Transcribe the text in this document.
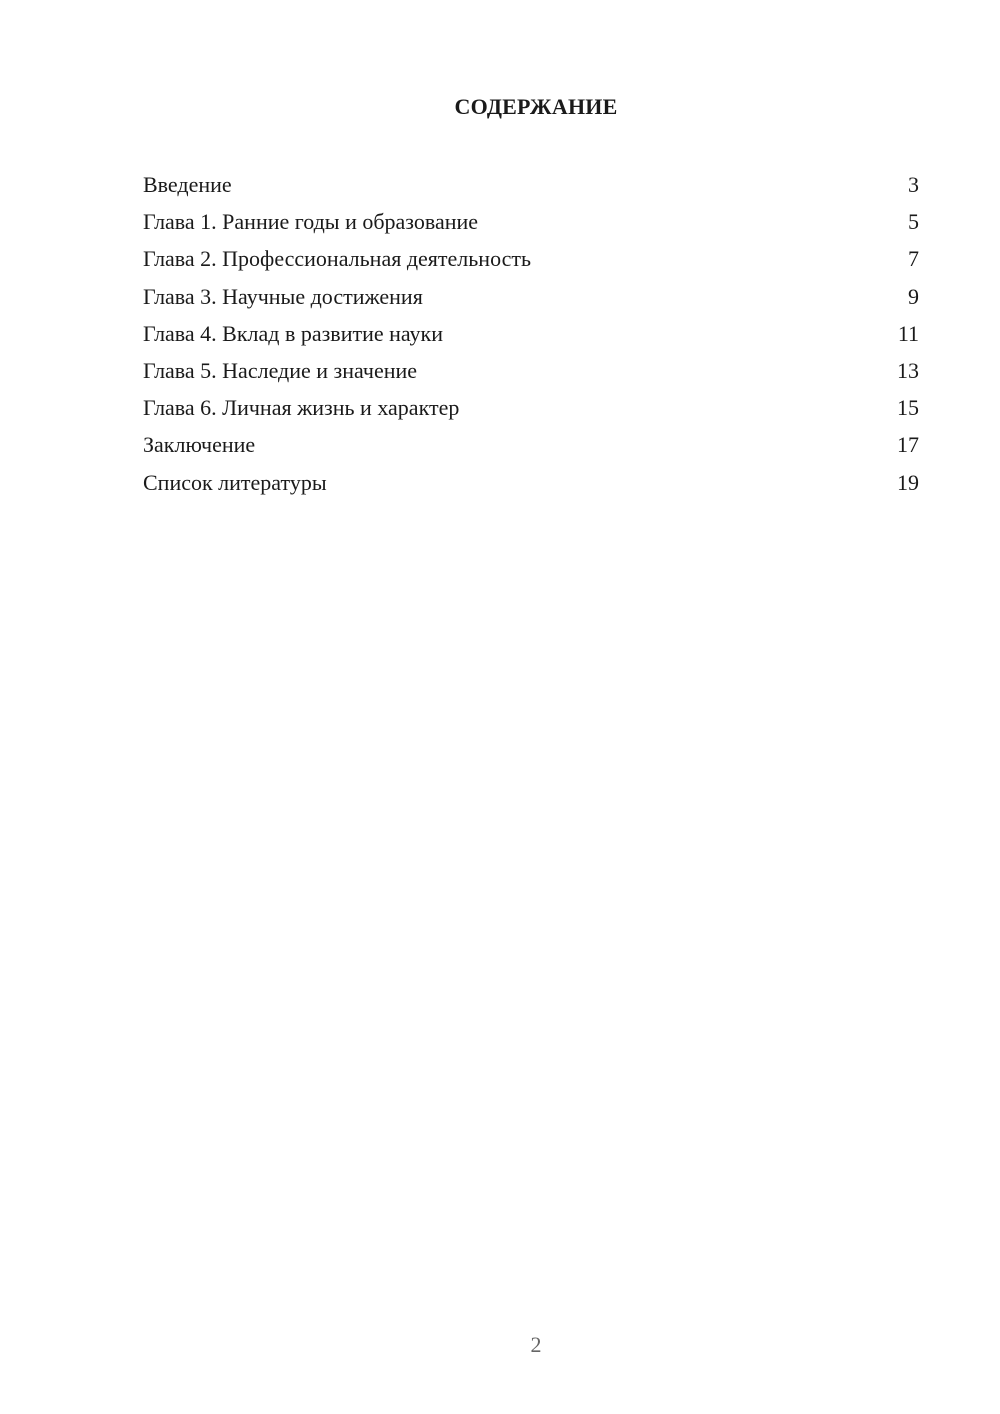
СОДЕРЖАНИЕ
Введение	3
Глава 1. Ранние годы и образование	5
Глава 2. Профессиональная деятельность	7
Глава 3. Научные достижения	9
Глава 4. Вклад в развитие науки	11
Глава 5. Наследие и значение	13
Глава 6. Личная жизнь и характер	15
Заключение	17
Список литературы	19
2
